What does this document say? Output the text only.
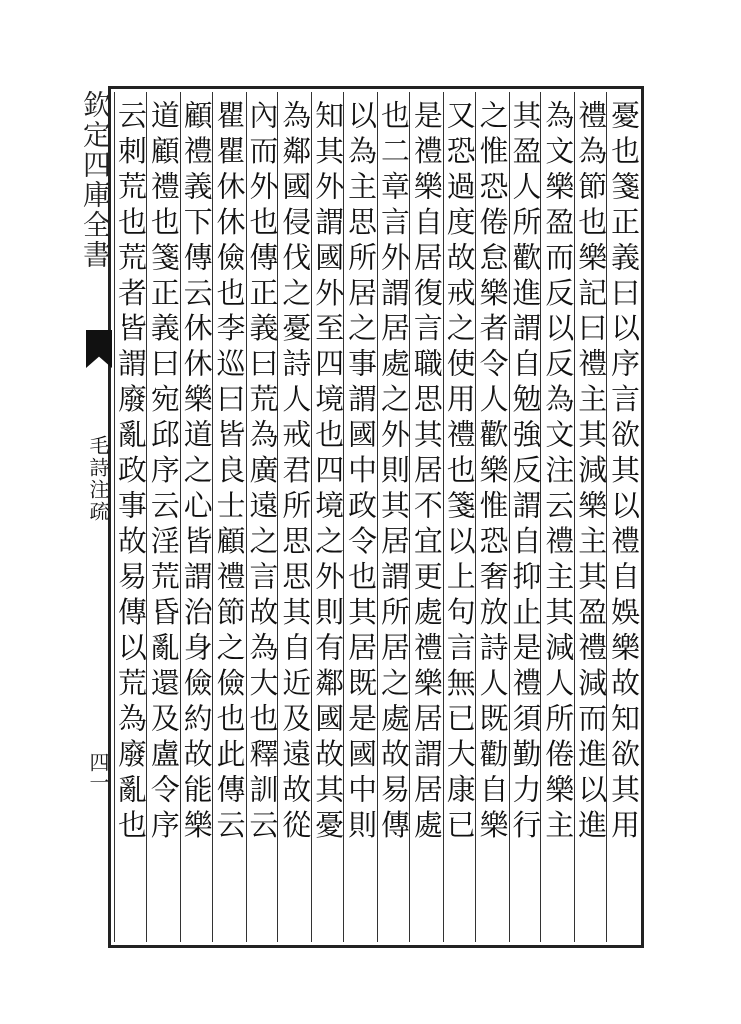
欽定四庫全書
毛詩注疏
四一	憂也箋正義曰以序言欲其以禮自娛樂故知欲其用
禮為節也樂記曰禮主其減樂主其盈禮減而進以進
為文樂盈而反以反為文注云禮主其減人所倦樂主
其盈人所歡進謂自勉強反謂自抑止是禮須勤力行
之惟恐倦怠樂者令人歡樂惟恐奢放詩人既勸自樂
又恐過度故戒之使用禮也箋以上句言無已大康已
是禮樂自居復言職思其居不宜更處禮樂居謂居處
也二章言外謂居處之外則其居謂所居之處故易傳
以為主思所居之事謂國中政令也其居既是國中則
知其外謂國外至四境也四境之外則有鄰國故其憂
為鄰國侵伐之憂詩人戒君所思思其自近及遠故從
內而外也傳正義曰荒為廣遠之言故為大也釋訓云
瞿瞿休休儉也李巡曰皆良士顧禮節之儉也此傳云
顧禮義下傳云休休樂道之心皆謂治身儉約故能樂
道顧禮也箋正義曰宛邱序云淫荒昏亂還及盧令序
云刺荒也荒者皆謂廢亂政事故易傳以荒為廢亂也
